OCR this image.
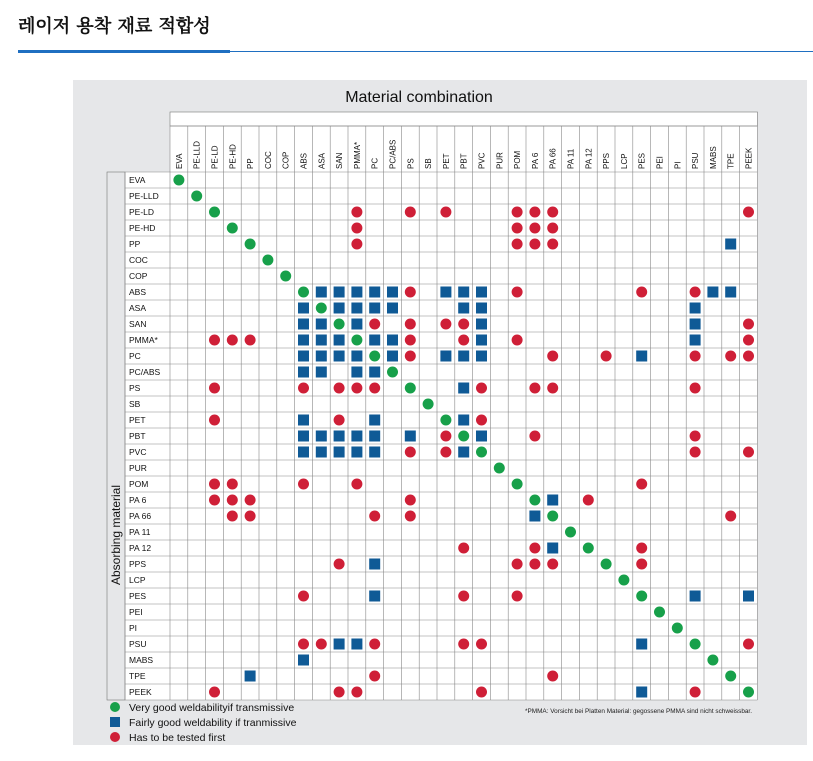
레이저 용착 재료 적합성
Material combination
Absorbing material
EVA PE-LLD PE-LD PE-HD PP COC COP ABS ASA SAN PMMA* PC PC/ABS PS SB PET PBT PVC PUR POM PA 6 PA 66 PA 11 PA 12 PPS LCP PES PEI PI PSU MABS TPE PEEK
EVA
PE-LLD
PE-LD
PE-HD
PP
COC
COP
ABS
ASA
SAN
PMMA*
PC
PC/ABS
PS
SB
PET
PBT
PVC
PUR
POM
PA 6
PA 66
PA 11
PA 12
PPS
LCP
PES
PEI
PI
PSU
MABS
TPE
PEEK
Very good weldabilityif transmissive
Fairly good weldability if tranmissive
Has to be tested first
*PMMA: Vorsicht bei Platten Material: gegossene PMMA sind nicht schweissbar.
